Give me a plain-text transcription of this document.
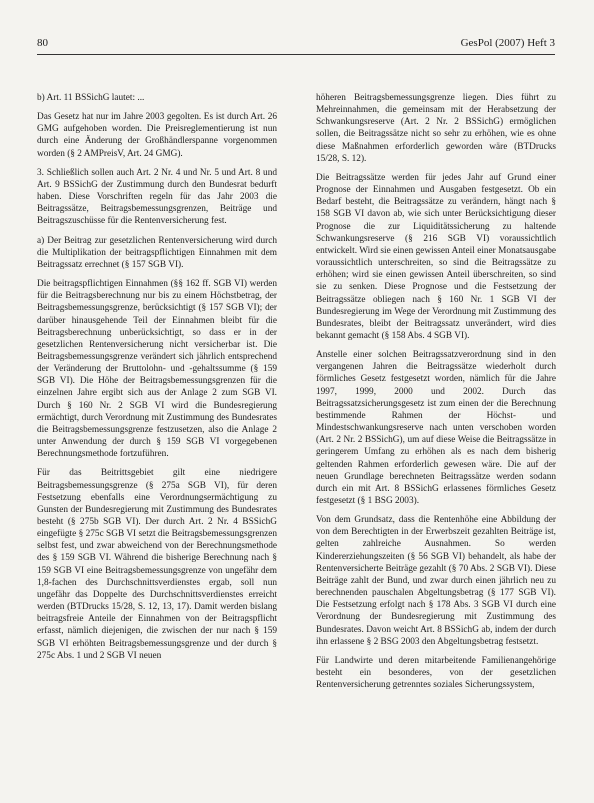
80	GesPol (2007) Heft 3

b) Art. 11 BSSichG lautet: ...

Das Gesetz hat nur im Jahre 2003 gegolten. Es ist durch Art. 26 GMG aufgehoben worden. Die Preisreglementierung ist nun durch eine Änderung der Großhändlerspanne vorgenommen worden (§ 2 AMPreisV, Art. 24 GMG).

3. Schließlich sollen auch Art. 2 Nr. 4 und Nr. 5 und Art. 8 und Art. 9 BSSichG der Zustimmung durch den Bundesrat bedurft haben. Diese Vorschriften regeln für das Jahr 2003 die Beitragssätze, Beitragsbemessungsgrenzen, Beiträge und Beitragszuschüsse für die Rentenversicherung fest.

a) Der Beitrag zur gesetzlichen Rentenversicherung wird durch die Multiplikation der beitragspflichtigen Einnahmen mit dem Beitragssatz errechnet (§ 157 SGB VI).

Die beitragspflichtigen Einnahmen (§§ 162 ff. SGB VI) werden für die Beitragsberechnung nur bis zu einem Höchstbetrag, der Beitragsbemessungsgrenze, berücksichtigt (§ 157 SGB VI); der darüber hinausgehende Teil der Einnahmen bleibt für die Beitragsberechnung unberücksichtigt, so dass er in der gesetzlichen Rentenversicherung nicht versicherbar ist. Die Beitragsbemessungsgrenze verändert sich jährlich entsprechend der Veränderung der Bruttolohn- und -gehaltssumme (§ 159 SGB VI). Die Höhe der Beitragsbemessungsgrenzen für die einzelnen Jahre ergibt sich aus der Anlage 2 zum SGB VI. Durch § 160 Nr. 2 SGB VI wird die Bundesregierung ermächtigt, durch Verordnung mit Zustimmung des Bundesrates die Beitragsbemessungsgrenze festzusetzen, also die Anlage 2 unter Anwendung der durch § 159 SGB VI vorgegebenen Berechnungsmethode fortzuführen.

Für das Beitrittsgebiet gilt eine niedrigere Beitragsbemessungsgrenze (§ 275a SGB VI), für deren Festsetzung ebenfalls eine Verordnungsermächtigung zu Gunsten der Bundesregierung mit Zustimmung des Bundesrates besteht (§ 275b SGB VI). Der durch Art. 2 Nr. 4 BSSichG eingefügte § 275c SGB VI setzt die Beitragsbemessungsgrenzen selbst fest, und zwar abweichend von der Berechnungsmethode des § 159 SGB VI. Während die bisherige Berechnung nach § 159 SGB VI eine Beitragsbemessungsgrenze von ungefähr dem 1,8-fachen des Durchschnittsverdienstes ergab, soll nun ungefähr das Doppelte des Durchschnittsverdienstes erreicht werden (BTDrucks 15/28, S. 12, 13, 17). Damit werden bislang beitragsfreie Anteile der Einnahmen von der Beitragspflicht erfasst, nämlich diejenigen, die zwischen der nur nach § 159 SGB VI erhöhten Beitragsbemessungsgrenze und der durch § 275c Abs. 1 und 2 SGB VI neuen

höheren Beitragsbemessungsgrenze liegen. Dies führt zu Mehreinnahmen, die gemeinsam mit der Herabsetzung der Schwankungsreserve (Art. 2 Nr. 2 BSSichG) ermöglichen sollen, die Beitragssätze nicht so sehr zu erhöhen, wie es ohne diese Maßnahmen erforderlich geworden wäre (BTDrucks 15/28, S. 12).

Die Beitragssätze werden für jedes Jahr auf Grund einer Prognose der Einnahmen und Ausgaben festgesetzt. Ob ein Bedarf besteht, die Beitragssätze zu verändern, hängt nach § 158 SGB VI davon ab, wie sich unter Berücksichtigung dieser Prognose die zur Liquiditätssicherung zu haltende Schwankungsreserve (§ 216 SGB VI) voraussichtlich entwickelt. Wird sie einen gewissen Anteil einer Monatsausgabe voraussichtlich unterschreiten, so sind die Beitragssätze zu erhöhen; wird sie einen gewissen Anteil überschreiten, so sind sie zu senken. Diese Prognose und die Festsetzung der Beitragssätze obliegen nach § 160 Nr. 1 SGB VI der Bundesregierung im Wege der Verordnung mit Zustimmung des Bundesrates, bleibt der Beitragssatz unverändert, wird dies bekannt gemacht (§ 158 Abs. 4 SGB VI).

Anstelle einer solchen Beitragssatzverordnung sind in den vergangenen Jahren die Beitragssätze wiederholt durch förmliches Gesetz festgesetzt worden, nämlich für die Jahre 1997, 1999, 2000 und 2002. Durch das Beitragssatzsicherungsgesetz ist zum einen der die Berechnung bestimmende Rahmen der Höchst- und Mindestschwankungsreserve nach unten verschoben worden (Art. 2 Nr. 2 BSSichG), um auf diese Weise die Beitragssätze in geringerem Umfang zu erhöhen als es nach dem bisherig geltenden Rahmen erforderlich gewesen wäre. Die auf der neuen Grundlage berechneten Beitragssätze werden sodann durch ein mit Art. 8 BSSichG erlassenes förmliches Gesetz festgesetzt (§ 1 BSG 2003).

Von dem Grundsatz, dass die Rentenhöhe eine Abbildung der von dem Berechtigten in der Erwerbszeit gezahlten Beiträge ist, gelten zahlreiche Ausnahmen. So werden Kindererziehungszeiten (§ 56 SGB VI) behandelt, als habe der Rentenversicherte Beiträge gezahlt (§ 70 Abs. 2 SGB VI). Diese Beiträge zahlt der Bund, und zwar durch einen jährlich neu zu berechnenden pauschalen Abgeltungsbetrag (§ 177 SGB VI). Die Festsetzung erfolgt nach § 178 Abs. 3 SGB VI durch eine Verordnung der Bundesregierung mit Zustimmung des Bundesrates. Davon weicht Art. 8 BSSichG ab, indem der durch ihn erlassene § 2 BSG 2003 den Abgeltungsbetrag festsetzt.

Für Landwirte und deren mitarbeitende Familienangehörige besteht ein besonderes, von der gesetzlichen Rentenversicherung getrenntes soziales Sicherungssystem,
